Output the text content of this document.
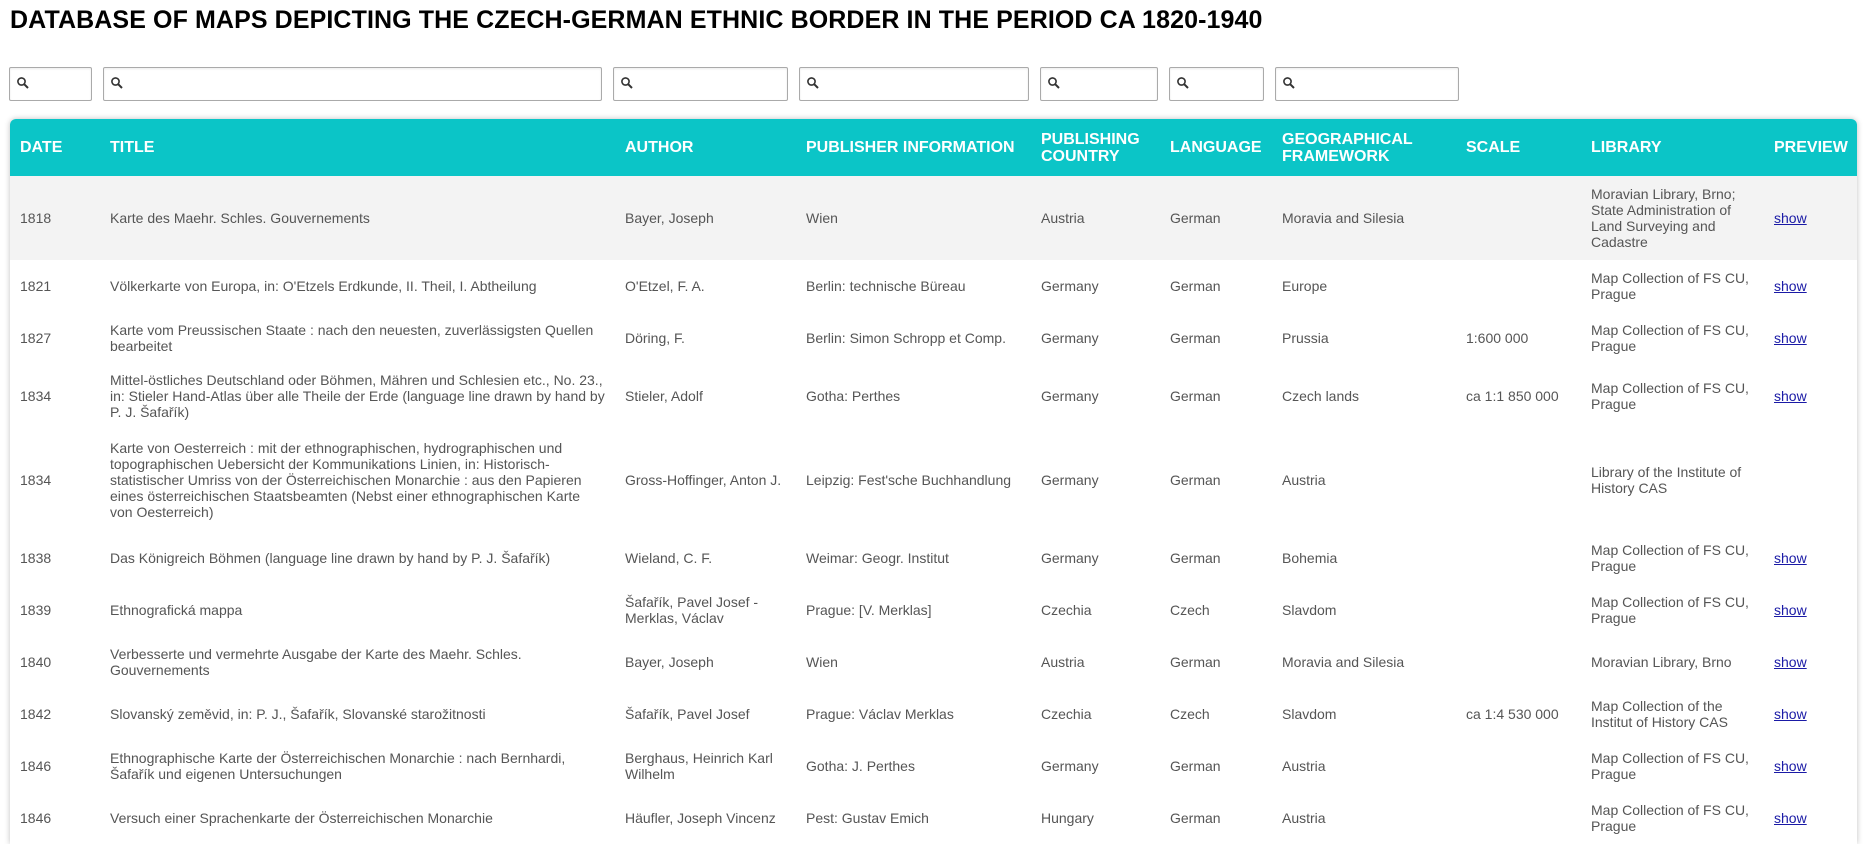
DATABASE OF MAPS DEPICTING THE CZECH-GERMAN ETHNIC BORDER IN THE PERIOD CA 1820-1940
DATE	TITLE	AUTHOR	PUBLISHER INFORMATION	PUBLISHING COUNTRY	LANGUAGE	GEOGRAPHICAL FRAMEWORK	SCALE	LIBRARY	PREVIEW
1818	Karte des Maehr. Schles. Gouvernements	Bayer, Joseph	Wien	Austria	German	Moravia and Silesia		Moravian Library, Brno; State Administration of Land Surveying and Cadastre	show
1821	Völkerkarte von Europa, in: O'Etzels Erdkunde, II. Theil, I. Abtheilung	O'Etzel, F. A.	Berlin: technische Büreau	Germany	German	Europe		Map Collection of FS CU, Prague	show
1827	Karte vom Preussischen Staate : nach den neuesten, zuverlässigsten Quellen bearbeitet	Döring, F.	Berlin: Simon Schropp et Comp.	Germany	German	Prussia	1:600 000	Map Collection of FS CU, Prague	show
1834	Mittel-östliches Deutschland oder Böhmen, Mähren und Schlesien etc., No. 23., in: Stieler Hand-Atlas über alle Theile der Erde (language line drawn by hand by P. J. Šafařík)	Stieler, Adolf	Gotha: Perthes	Germany	German	Czech lands	ca 1:1 850 000	Map Collection of FS CU, Prague	show
1834	Karte von Oesterreich : mit der ethnographischen, hydrographischen und topographischen Uebersicht der Kommunikations Linien, in: Historisch-statistischer Umriss von der Österreichischen Monarchie : aus den Papieren eines österreichischen Staatsbeamten (Nebst einer ethnographischen Karte von Oesterreich)	Gross-Hoffinger, Anton J.	Leipzig: Fest'sche Buchhandlung	Germany	German	Austria		Library of the Institute of History CAS	
1838	Das Königreich Böhmen (language line drawn by hand by P. J. Šafařík)	Wieland, C. F.	Weimar: Geogr. Institut	Germany	German	Bohemia		Map Collection of FS CU, Prague	show
1839	Ethnografická mappa	Šafařík, Pavel Josef - Merklas, Václav	Prague: [V. Merklas]	Czechia	Czech	Slavdom		Map Collection of FS CU, Prague	show
1840	Verbesserte und vermehrte Ausgabe der Karte des Maehr. Schles. Gouvernements	Bayer, Joseph	Wien	Austria	German	Moravia and Silesia		Moravian Library, Brno	show
1842	Slovanský zeměvid, in: P. J., Šafařík, Slovanské starožitnosti	Šafařík, Pavel Josef	Prague: Václav Merklas	Czechia	Czech	Slavdom	ca 1:4 530 000	Map Collection of the Institut of History CAS	show
1846	Ethnographische Karte der Österreichischen Monarchie : nach Bernhardi, Šafařík und eigenen Untersuchungen	Berghaus, Heinrich Karl Wilhelm	Gotha: J. Perthes	Germany	German	Austria		Map Collection of FS CU, Prague	show
1846	Versuch einer Sprachenkarte der Österreichischen Monarchie	Häufler, Joseph Vincenz	Pest: Gustav Emich	Hungary	German	Austria		Map Collection of FS CU, Prague	show
